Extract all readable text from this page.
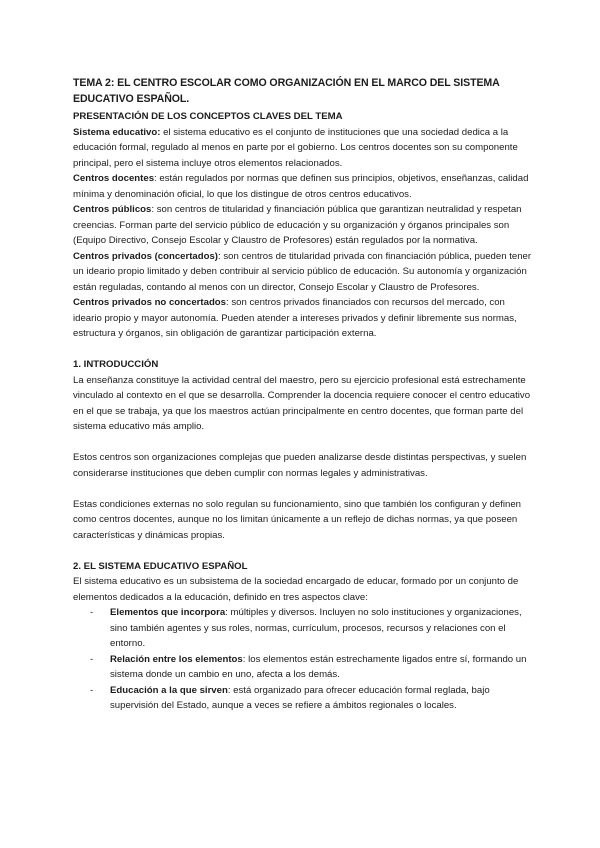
TEMA 2: EL CENTRO ESCOLAR COMO ORGANIZACIÓN EN EL MARCO DEL SISTEMA EDUCATIVO ESPAÑOL.

PRESENTACIÓN DE LOS CONCEPTOS CLAVES DEL TEMA

Sistema educativo: el sistema educativo es el conjunto de instituciones que una sociedad dedica a la educación formal, regulado al menos en parte por el gobierno. Los centros docentes son su componente principal, pero el sistema incluye otros elementos relacionados.

Centros docentes: están regulados por normas que definen sus principios, objetivos, enseñanzas, calidad mínima y denominación oficial, lo que los distingue de otros centros educativos.

Centros públicos: son centros de titularidad y financiación pública que garantizan neutralidad y respetan creencias. Forman parte del servicio público de educación y su organización y órganos principales son (Equipo Directivo, Consejo Escolar y Claustro de Profesores) están regulados por la normativa.

Centros privados (concertados): son centros de titularidad privada con financiación pública, pueden tener un ideario propio limitado y deben contribuir al servicio público de educación. Su autonomía y organización están reguladas, contando al menos con un director, Consejo Escolar y Claustro de Profesores.

Centros privados no concertados: son centros privados financiados con recursos del mercado, con ideario propio y mayor autonomía. Pueden atender a intereses privados y definir libremente sus normas, estructura y órganos, sin obligación de garantizar participación externa.

1. INTRODUCCIÓN

La enseñanza constituye la actividad central del maestro, pero su ejercicio profesional está estrechamente vinculado al contexto en el que se desarrolla. Comprender la docencia requiere conocer el centro educativo en el que se trabaja, ya que los maestros actúan principalmente en centro docentes, que forman parte del sistema educativo más amplio.

Estos centros son organizaciones complejas que pueden analizarse desde distintas perspectivas, y suelen considerarse instituciones que deben cumplir con normas legales y administrativas.

Estas condiciones externas no solo regulan su funcionamiento, sino que también los configuran y definen como centros docentes, aunque no los limitan únicamente a un reflejo de dichas normas, ya que poseen características y dinámicas propias.

2. EL SISTEMA EDUCATIVO ESPAÑOL

El sistema educativo es un subsistema de la sociedad encargado de educar, formado por un conjunto de elementos dedicados a la educación, definido en tres aspectos clave:

- Elementos que incorpora: múltiples y diversos. Incluyen no solo instituciones y organizaciones, sino también agentes y sus roles, normas, currículum, procesos, recursos y relaciones con el entorno.
- Relación entre los elementos: los elementos están estrechamente ligados entre sí, formando un sistema donde un cambio en uno, afecta a los demás.
- Educación a la que sirven: está organizado para ofrecer educación formal reglada, bajo supervisión del Estado, aunque a veces se refiere a ámbitos regionales o locales.
